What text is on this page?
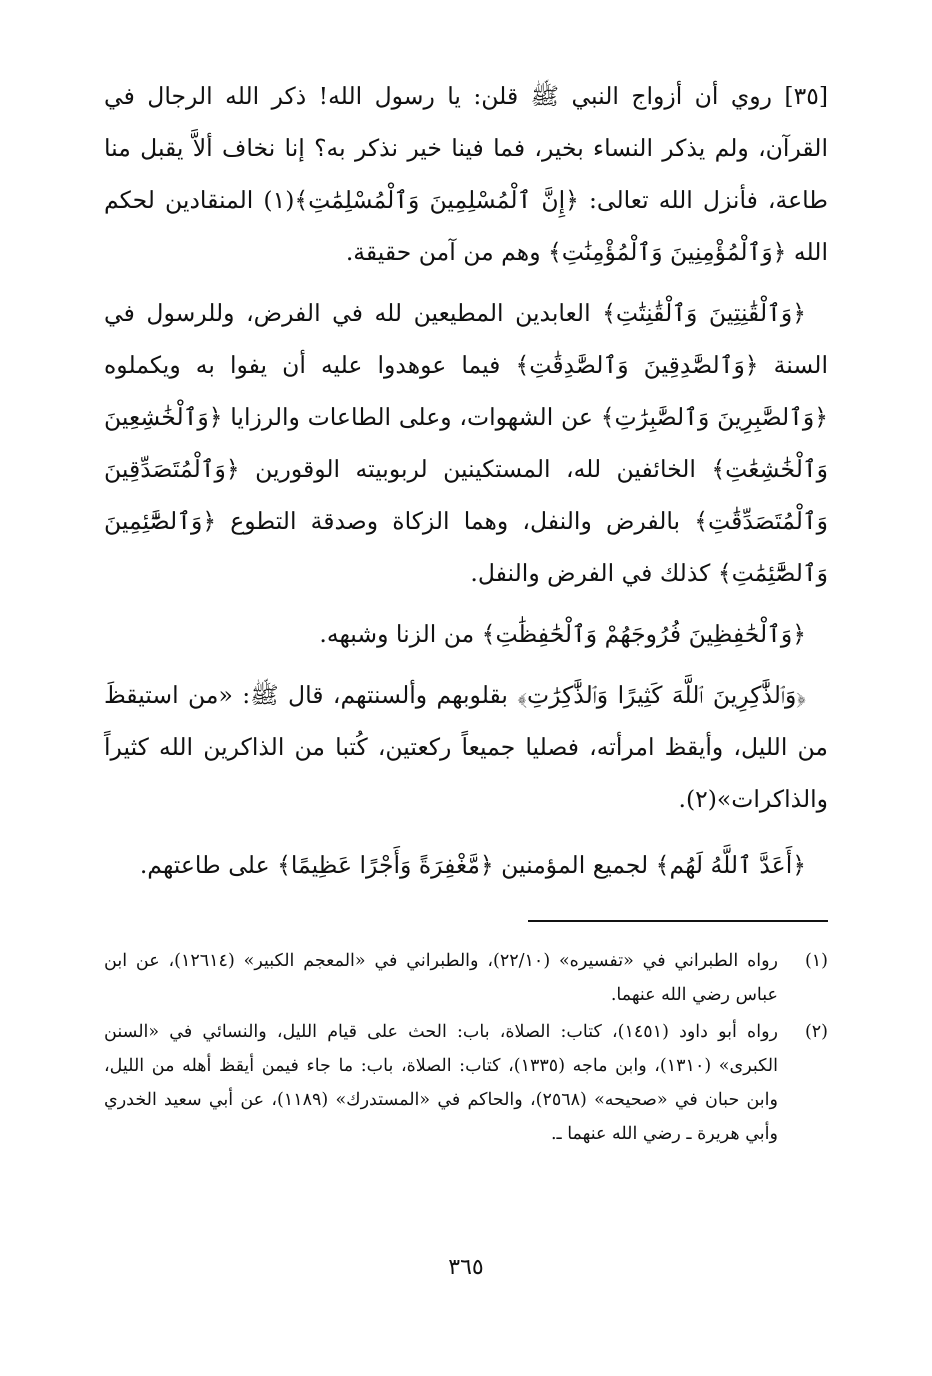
[٣٥] روي أن أزواج النبي ﷺ قلن: يا رسول الله! ذكر الله الرجال في القرآن، ولم يذكر النساء بخير، فما فينا خير نذكر به؟ إنا نخاف ألاَّ يقبل منا طاعة، فأنزل الله تعالى: ﴿إِنَّ ٱلْمُسْلِمِينَ وَٱلْمُسْلِمَٰتِ﴾(١) المنقادين لحكم الله ﴿وَٱلْمُؤْمِنِينَ وَٱلْمُؤْمِنَٰتِ﴾ وهم من آمن حقيقة.

﴿وَٱلْقَٰنِتِينَ وَٱلْقَٰنِتَٰتِ﴾ العابدين المطيعين لله في الفرض، وللرسول في السنة ﴿وَٱلصَّٰدِقِينَ وَٱلصَّٰدِقَٰتِ﴾ فيما عوهدوا عليه أن يفوا به ويكملوه ﴿وَٱلصَّٰبِرِينَ وَٱلصَّٰبِرَٰتِ﴾ عن الشهوات، وعلى الطاعات والرزايا ﴿وَٱلْخَٰشِعِينَ وَٱلْخَٰشِعَٰتِ﴾ الخائفين لله، المستكينين لربوبيته الوقورين ﴿وَٱلْمُتَصَدِّقِينَ وَٱلْمُتَصَدِّقَٰتِ﴾ بالفرض والنفل، وهما الزكاة وصدقة التطوع ﴿وَٱلصَّٰٓئِمِينَ وَٱلصَّٰٓئِمَٰتِ﴾ كذلك في الفرض والنفل.

﴿وَٱلْحَٰفِظِينَ فُرُوجَهُمْ وَٱلْحَٰفِظَٰتِ﴾ من الزنا وشبهه.

﴿وَٱلذَّٰكِرِينَ ٱللَّهَ كَثِيرًا وَٱلذَّٰكِرَٰتِ﴾ بقلوبهم وألسنتهم، قال ﷺ: «من استيقظَ من الليل، وأيقظ امرأته، فصليا جميعاً ركعتين، كُتبا من الذاكرين الله كثيراً والذاكرات»(٢).

﴿أَعَدَّ ٱللَّهُ لَهُم﴾ لجميع المؤمنين ﴿مَّغْفِرَةً وَأَجْرًا عَظِيمًا﴾ على طاعتهم.

(١)
رواه الطبراني في «تفسيره» (٢٢/١٠)، والطبراني في «المعجم الكبير» (١٢٦١٤)، عن ابن عباس رضي الله عنهما.
(٢)
رواه أبو داود (١٤٥١)، كتاب: الصلاة، باب: الحث على قيام الليل، والنسائي في «السنن الكبرى» (١٣١٠)، وابن ماجه (١٣٣٥)، كتاب: الصلاة، باب: ما جاء فيمن أيقظ أهله من الليل، وابن حبان في «صحيحه» (٢٥٦٨)، والحاكم في «المستدرك» (١١٨٩)، عن أبي سعيد الخدري وأبي هريرة ـ رضي الله عنهما ـ.
٣٦٥
